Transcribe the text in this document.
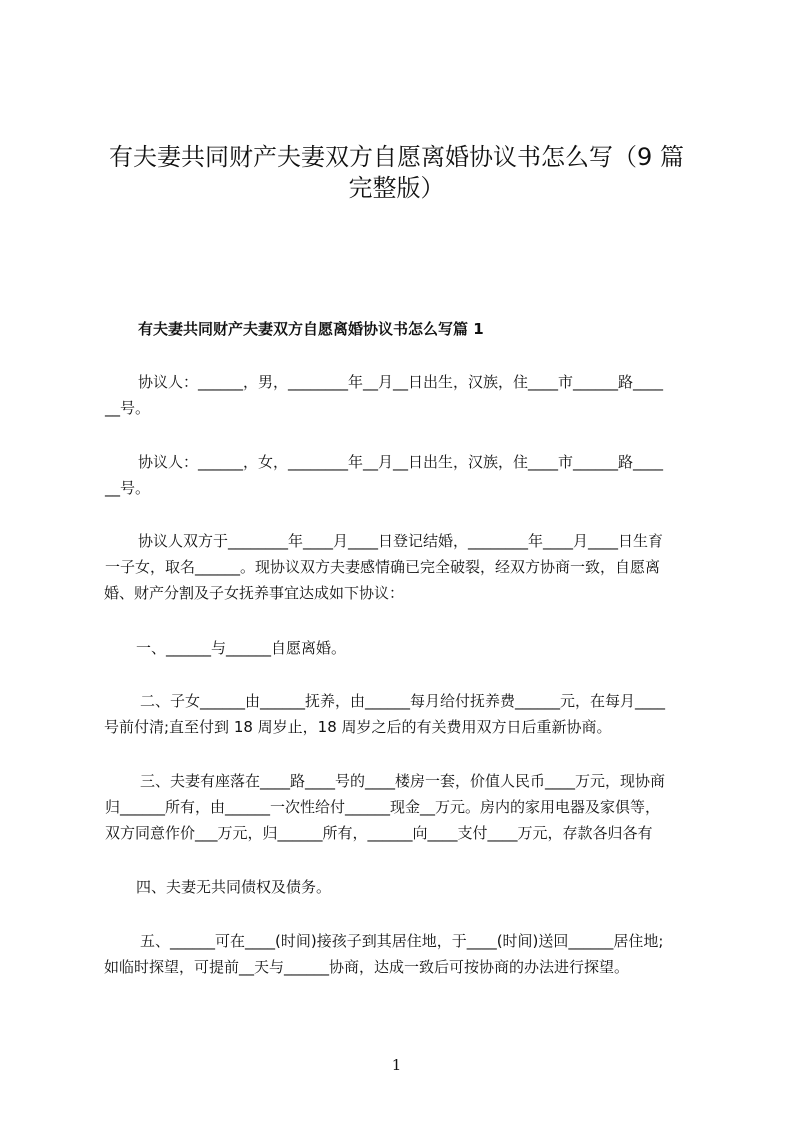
有夫妻共同财产夫妻双方自愿离婚协议书怎么写（9 篇
完整版）
有夫妻共同财产夫妻双方自愿离婚协议书怎么写篇 1

协议人：______，男，________年__月__日出生，汉族，住____市______路____
__号。

协议人：______，女，________年__月__日出生，汉族，住____市______路____
__号。

协议人双方于________年____月____日登记结婚，________年____月____日生育
一子女，取名______。现协议双方夫妻感情确已完全破裂，经双方协商一致，自愿离
婚、财产分割及子女抚养事宜达成如下协议：

一、______与______自愿离婚。

二、子女______由______抚养，由______每月给付抚养费______元，在每月____
号前付清;直至付到 18 周岁止，18 周岁之后的有关费用双方日后重新协商。

三、夫妻有座落在____路____号的____楼房一套，价值人民币____万元，现协商
归______所有，由______一次性给付______现金__万元。房内的家用电器及家俱等，
双方同意作价___万元，归______所有，______向____支付____万元，存款各归各有

四、夫妻无共同债权及债务。

五、______可在____(时间)接孩子到其居住地，于____(时间)送回______居住地;
如临时探望，可提前__天与______协商，达成一致后可按协商的办法进行探望。

1
